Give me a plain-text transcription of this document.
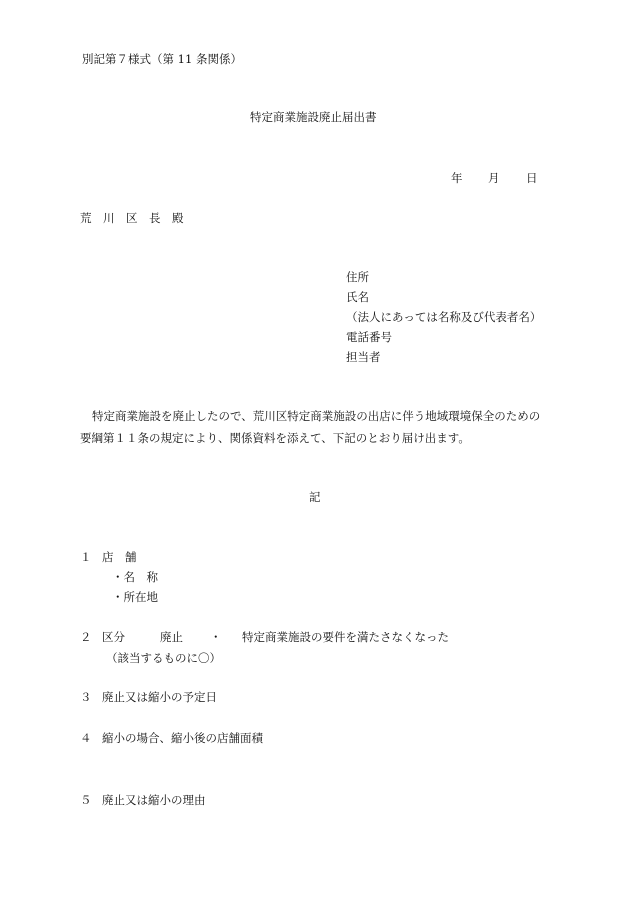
別記第７様式（第 11 条関係）
特定商業施設廃止届出書
年 月 日
荒　川　区　長　殿
住所
氏名
（法人にあっては名称及び代表者名）
電話番号
担当者
特定商業施設を廃止したので、荒川区特定商業施設の出店に伴う地域環境保全のための
要綱第１１条の規定により、関係資料を添えて、下記のとおり届け出ます。
記
１ 店　舗
・名　称
・所在地
２ 区分	廃止 ・ 特定商業施設の要件を満たさなくなった
（該当するものに〇）
３ 廃止又は縮小の予定日
４ 縮小の場合、縮小後の店舗面積
５ 廃止又は縮小の理由
